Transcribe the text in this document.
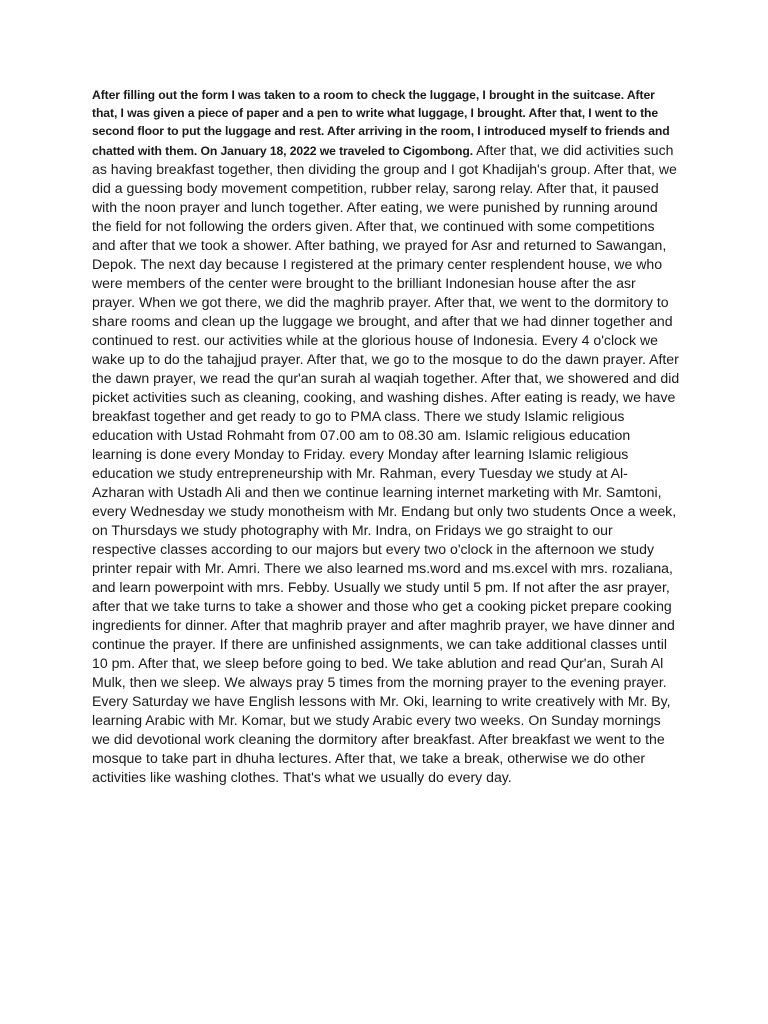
After filling out the form I was taken to a room to check the luggage, I brought in the suitcase. After that, I was given a piece of paper and a pen to write what luggage, I brought. After that, I went to the second floor to put the luggage and rest. After arriving in the room, I introduced myself to friends and chatted with them. On January 18, 2022 we traveled to Cigombong. After that, we did activities such as having breakfast together, then dividing the group and I got Khadijah's group. After that, we did a guessing body movement competition, rubber relay, sarong relay. After that, it paused with the noon prayer and lunch together. After eating, we were punished by running around the field for not following the orders given. After that, we continued with some competitions and after that we took a shower. After bathing, we prayed for Asr and returned to Sawangan, Depok. The next day because I registered at the primary center resplendent house, we who were members of the center were brought to the brilliant Indonesian house after the asr prayer. When we got there, we did the maghrib prayer. After that, we went to the dormitory to share rooms and clean up the luggage we brought, and after that we had dinner together and continued to rest. our activities while at the glorious house of Indonesia. Every 4 o'clock we wake up to do the tahajjud prayer. After that, we go to the mosque to do the dawn prayer. After the dawn prayer, we read the qur'an surah al waqiah together. After that, we showered and did picket activities such as cleaning, cooking, and washing dishes. After eating is ready, we have breakfast together and get ready to go to PMA class. There we study Islamic religious education with Ustad Rohmaht from 07.00 am to 08.30 am. Islamic religious education learning is done every Monday to Friday. every Monday after learning Islamic religious education we study entrepreneurship with Mr. Rahman, every Tuesday we study at Al-Azharan with Ustadh Ali and then we continue learning internet marketing with Mr. Samtoni, every Wednesday we study monotheism with Mr. Endang but only two students Once a week, on Thursdays we study photography with Mr. Indra, on Fridays we go straight to our respective classes according to our majors but every two o'clock in the afternoon we study printer repair with Mr. Amri. There we also learned ms.word and ms.excel with mrs. rozaliana, and learn powerpoint with mrs. Febby. Usually we study until 5 pm. If not after the asr prayer, after that we take turns to take a shower and those who get a cooking picket prepare cooking ingredients for dinner. After that maghrib prayer and after maghrib prayer, we have dinner and continue the prayer. If there are unfinished assignments, we can take additional classes until 10 pm. After that, we sleep before going to bed. We take ablution and read Qur'an, Surah Al Mulk, then we sleep. We always pray 5 times from the morning prayer to the evening prayer. Every Saturday we have English lessons with Mr. Oki, learning to write creatively with Mr. By, learning Arabic with Mr. Komar, but we study Arabic every two weeks. On Sunday mornings we did devotional work cleaning the dormitory after breakfast. After breakfast we went to the mosque to take part in dhuha lectures. After that, we take a break, otherwise we do other activities like washing clothes. That's what we usually do every day.
